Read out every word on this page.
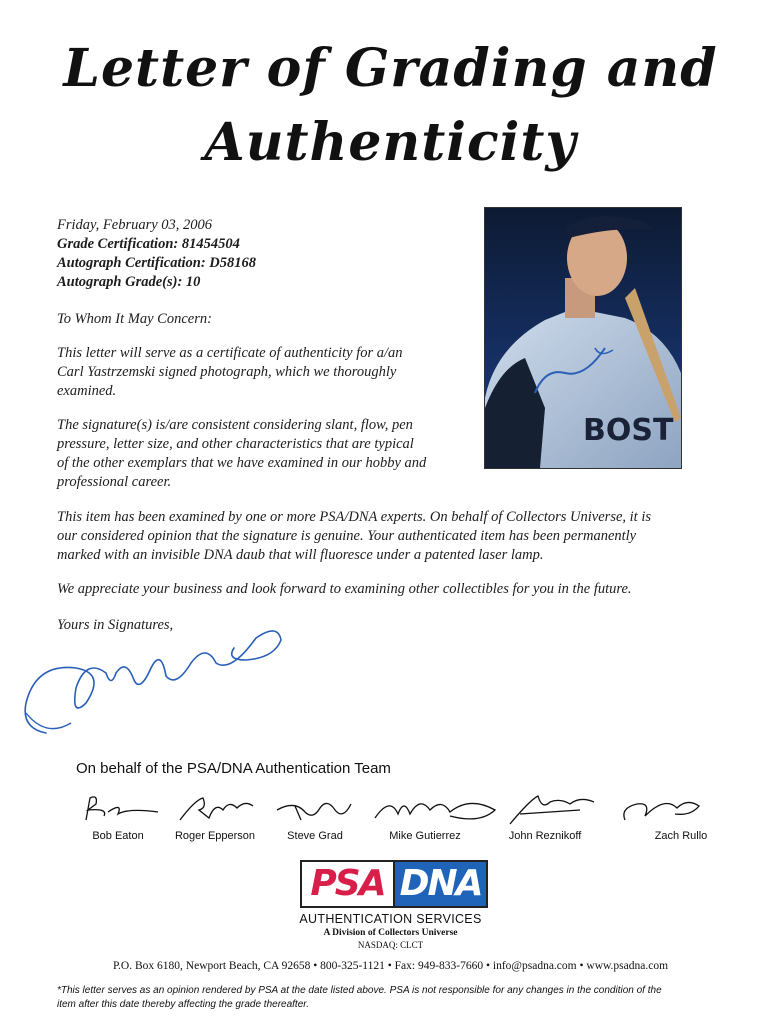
Letter of Grading and
Authenticity
Friday, February 03, 2006
Grade Certification: 81454504
Autograph Certification: D58168
Autograph Grade(s): 10
To Whom It May Concern:
This letter will serve as a certificate of authenticity for a/an
Carl Yastrzemski signed photograph, which we thoroughly
examined.
The signature(s) is/are consistent considering slant, flow, pen
pressure, letter size, and other characteristics that are typical
of the other exemplars that we have examined in our hobby and
professional career.
This item has been examined by one or more PSA/DNA experts. On behalf of Collectors Universe, it is
our considered opinion that the signature is genuine. Your authenticated item has been permanently
marked with an invisible DNA daub that will fluoresce under a patented laser lamp.
We appreciate your business and look forward to examining other collectibles for you in the future.
Yours in Signatures,
BOST
On behalf of the PSA/DNA Authentication Team
Bob Eaton	Roger Epperson	Steve Grad	Mike Gutierrez	John Reznikoff	Zach Rullo
PSA DNA
AUTHENTICATION SERVICES
A Division of Collectors Universe
NASDAQ: CLCT
P.O. Box 6180, Newport Beach, CA 92658 • 800-325-1121 • Fax: 949-833-7660 • info@psadna.com • www.psadna.com
*This letter serves as an opinion rendered by PSA at the date listed above. PSA is not responsible for any changes in the condition of the
item after this date thereby affecting the grade thereafter.
